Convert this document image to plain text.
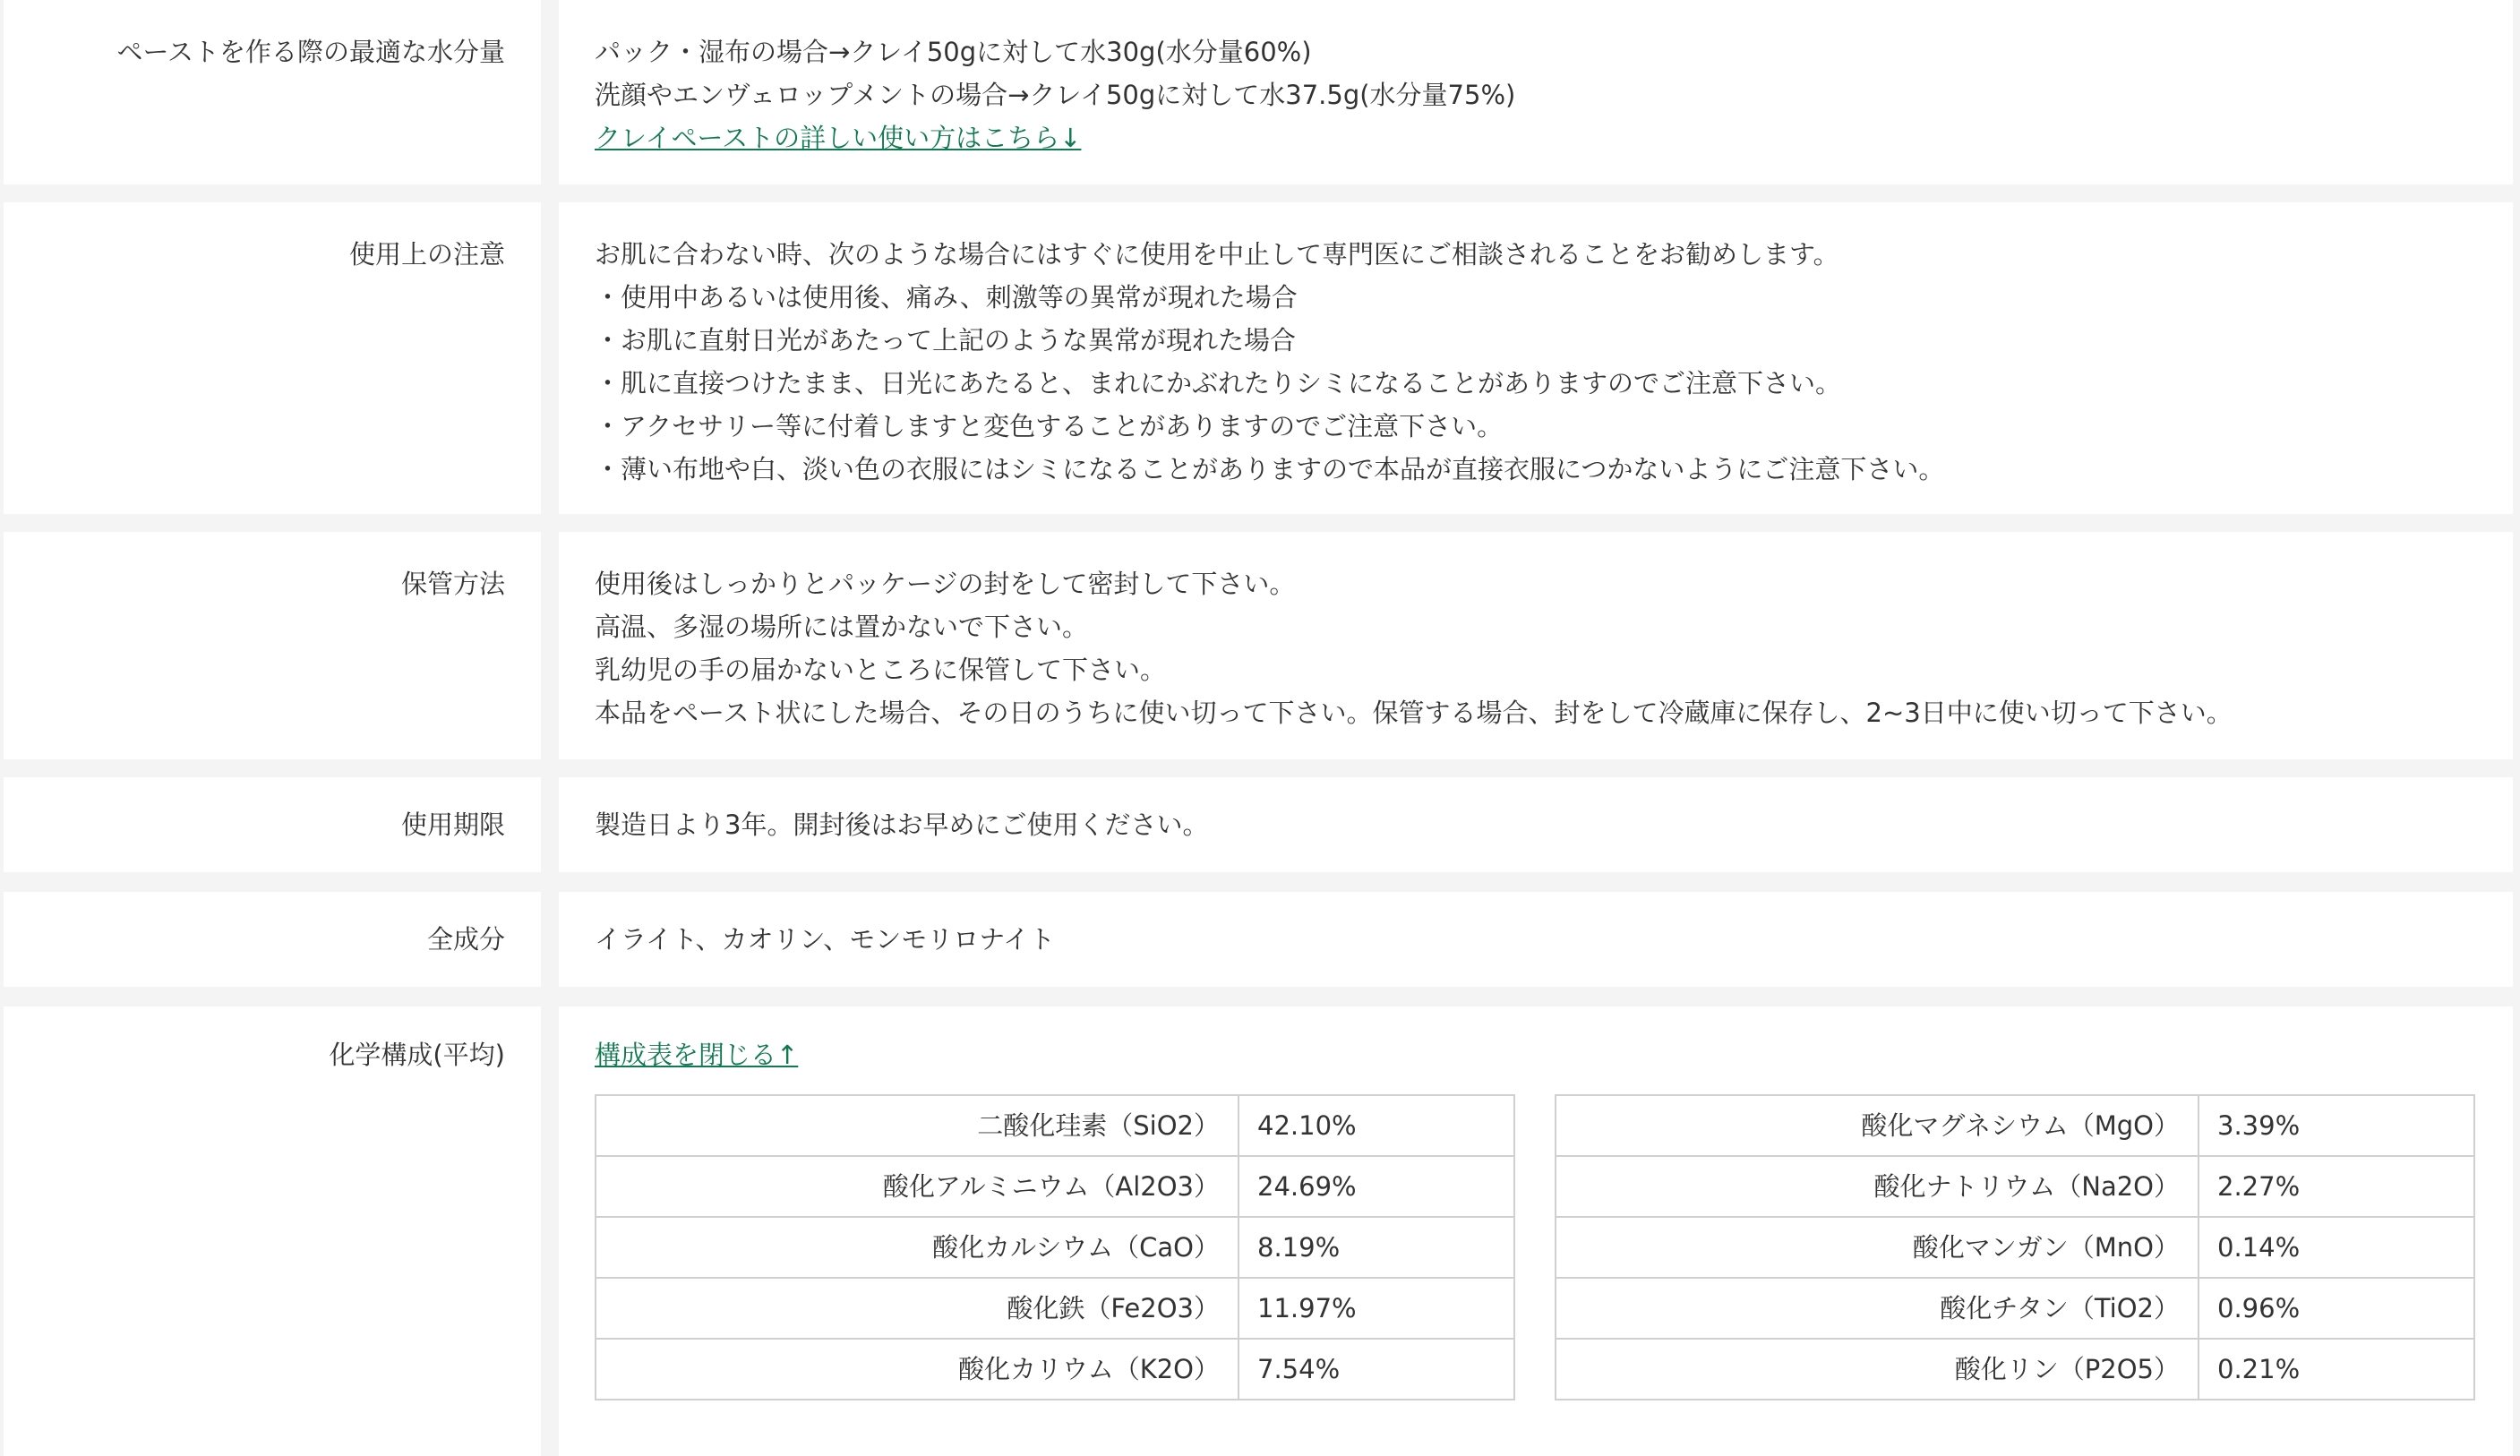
ペーストを作る際の最適な水分量	パック・湿布の場合→クレイ50gに対して水30g(水分量60%)
洗顔やエンヴェロップメントの場合→クレイ50gに対して水37.5g(水分量75%)
クレイペーストの詳しい使い方はこちら↓
使用上の注意	お肌に合わない時、次のような場合にはすぐに使用を中止して専門医にご相談されることをお勧めします。
・使用中あるいは使用後、痛み、刺激等の異常が現れた場合
・お肌に直射日光があたって上記のような異常が現れた場合
・肌に直接つけたまま、日光にあたると、まれにかぶれたりシミになることがありますのでご注意下さい。
・アクセサリー等に付着しますと変色することがありますのでご注意下さい。
・薄い布地や白、淡い色の衣服にはシミになることがありますので本品が直接衣服につかないようにご注意下さい。
保管方法	使用後はしっかりとパッケージの封をして密封して下さい。
高温、多湿の場所には置かないで下さい。
乳幼児の手の届かないところに保管して下さい。
本品をペースト状にした場合、その日のうちに使い切って下さい。保管する場合、封をして冷蔵庫に保存し、2~3日中に使い切って下さい。
使用期限	製造日より3年。開封後はお早めにご使用ください。
全成分	イライト、カオリン、モンモリロナイト
化学構成(平均)	構成表を閉じる↑
二酸化珪素（SiO2）	42.10%
酸化アルミニウム（Al2O3）	24.69%
酸化カルシウム（CaO）	8.19%
酸化鉄（Fe2O3）	11.97%
酸化カリウム（K2O）	7.54%
酸化マグネシウム（MgO）	3.39%
酸化ナトリウム（Na2O）	2.27%
酸化マンガン（MnO）	0.14%
酸化チタン（TiO2）	0.96%
酸化リン（P2O5）	0.21%
